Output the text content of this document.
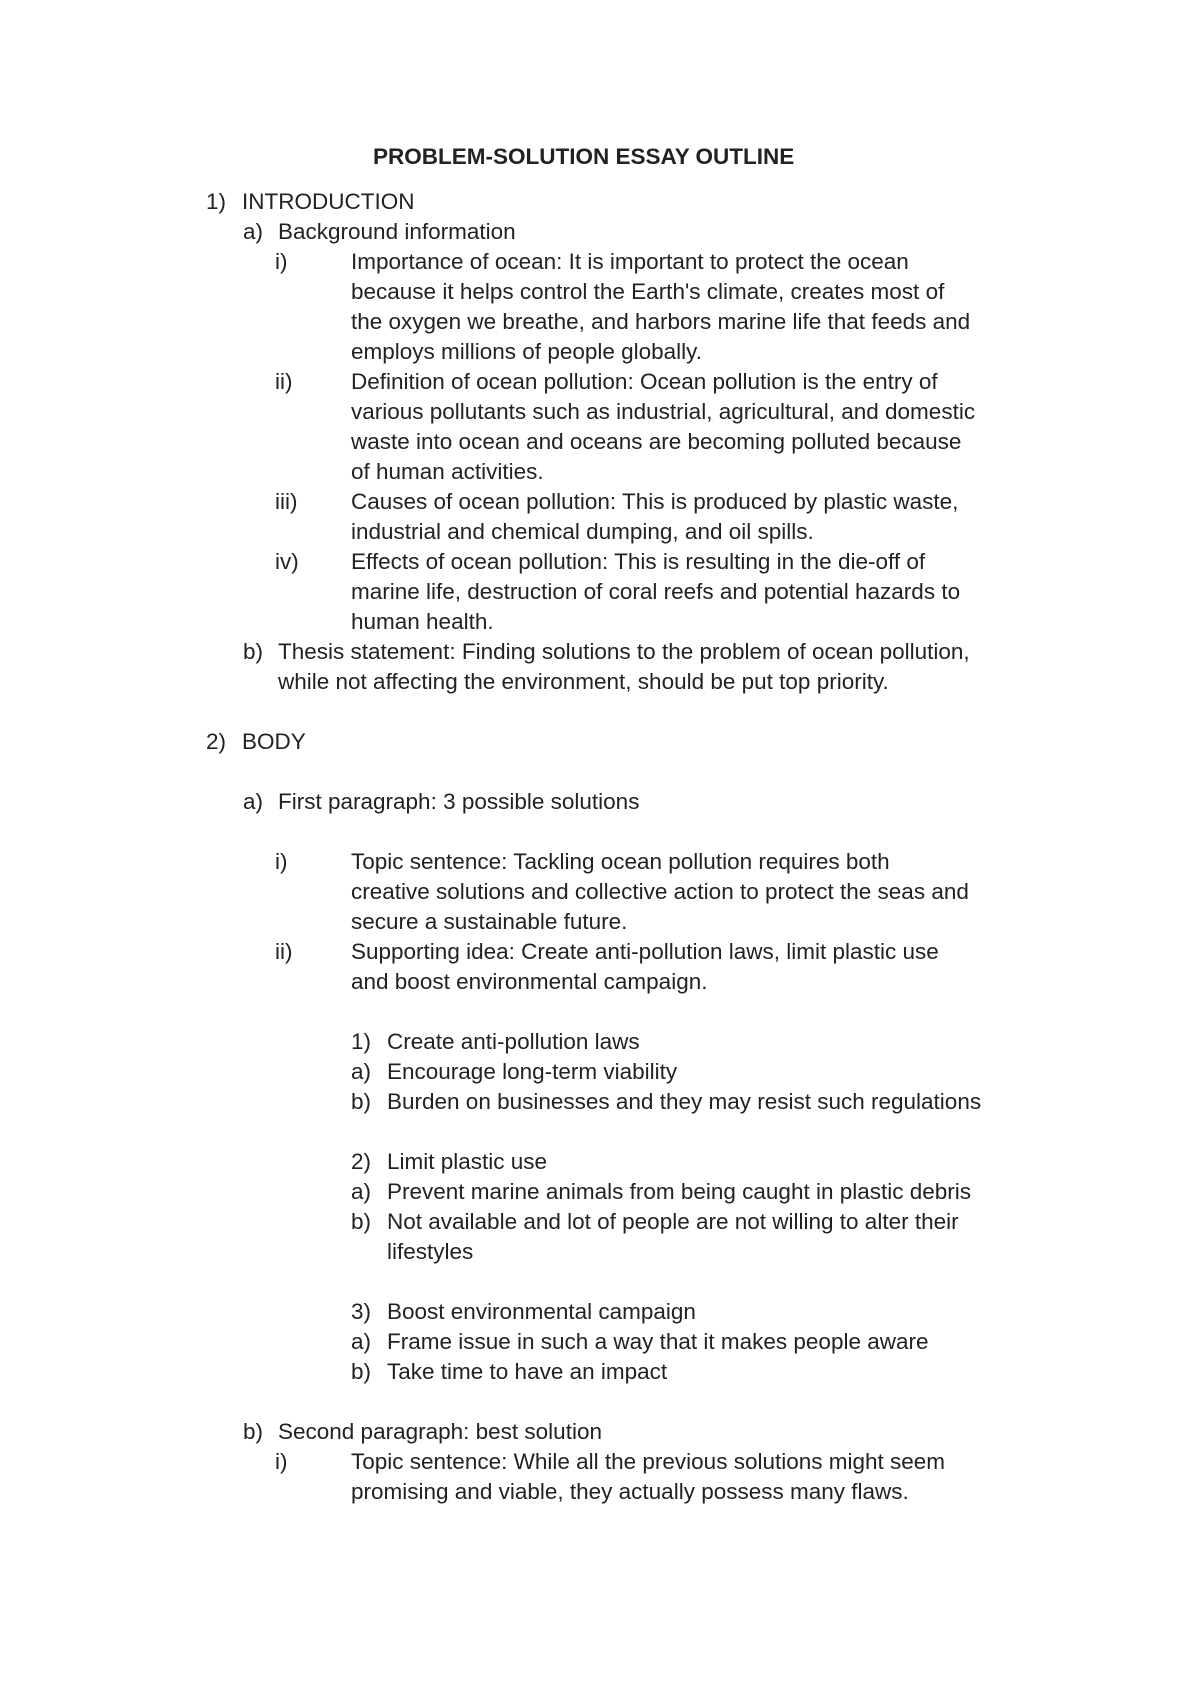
PROBLEM-SOLUTION ESSAY OUTLINE
1) INTRODUCTION
a) Background information
i)	Importance of ocean: It is important to protect the ocean
because it helps control the Earth's climate, creates most of
the oxygen we breathe, and harbors marine life that feeds and
employs millions of people globally.
ii)	Definition of ocean pollution: Ocean pollution is the entry of
various pollutants such as industrial, agricultural, and domestic
waste into ocean and oceans are becoming polluted because
of human activities.
iii) Causes of ocean pollution: This is produced by plastic waste,
industrial and chemical dumping, and oil spills.
iv) Effects of ocean pollution: This is resulting in the die-off of
marine life, destruction of coral reefs and potential hazards to
human health.
b) Thesis statement: Finding solutions to the problem of ocean pollution,
while not affecting the environment, should be put top priority.
2) BODY
a) First paragraph: 3 possible solutions
i)	Topic sentence: Tackling ocean pollution requires both
creative solutions and collective action to protect the seas and
secure a sustainable future.
ii)	Supporting idea: Create anti-pollution laws, limit plastic use
and boost environmental campaign.
1) Create anti-pollution laws
a) Encourage long-term viability
b) Burden on businesses and they may resist such regulations
2) Limit plastic use
a) Prevent marine animals from being caught in plastic debris
b) Not available and lot of people are not willing to alter their
lifestyles
3) Boost environmental campaign
a) Frame issue in such a way that it makes people aware
b) Take time to have an impact
b) Second paragraph: best solution
i)	Topic sentence: While all the previous solutions might seem
promising and viable, they actually possess many flaws.
